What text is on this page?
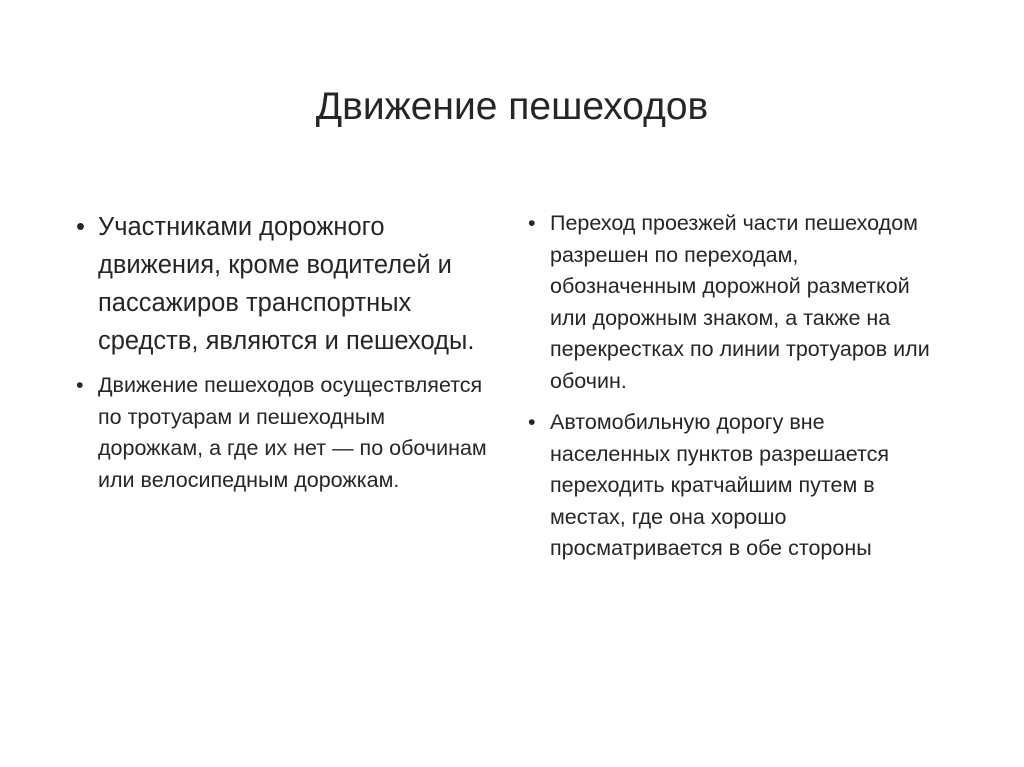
Движение пешеходов
• Участниками дорожного движения, кроме водителей и пассажиров транспортных средств, являются и пешеходы.
• Движение пешеходов осуществляется по тротуарам и пешеходным дорожкам, а где их нет — по обочинам или велосипедным дорожкам.
• Переход проезжей части пешеходом разрешен по переходам, обозначенным дорожной разметкой или дорожным знаком, а также на перекрестках по линии тротуаров или обочин.
• Автомобильную дорогу вне населенных пунктов разрешается переходить кратчайшим путем в местах, где она хорошо просматривается в обе стороны
